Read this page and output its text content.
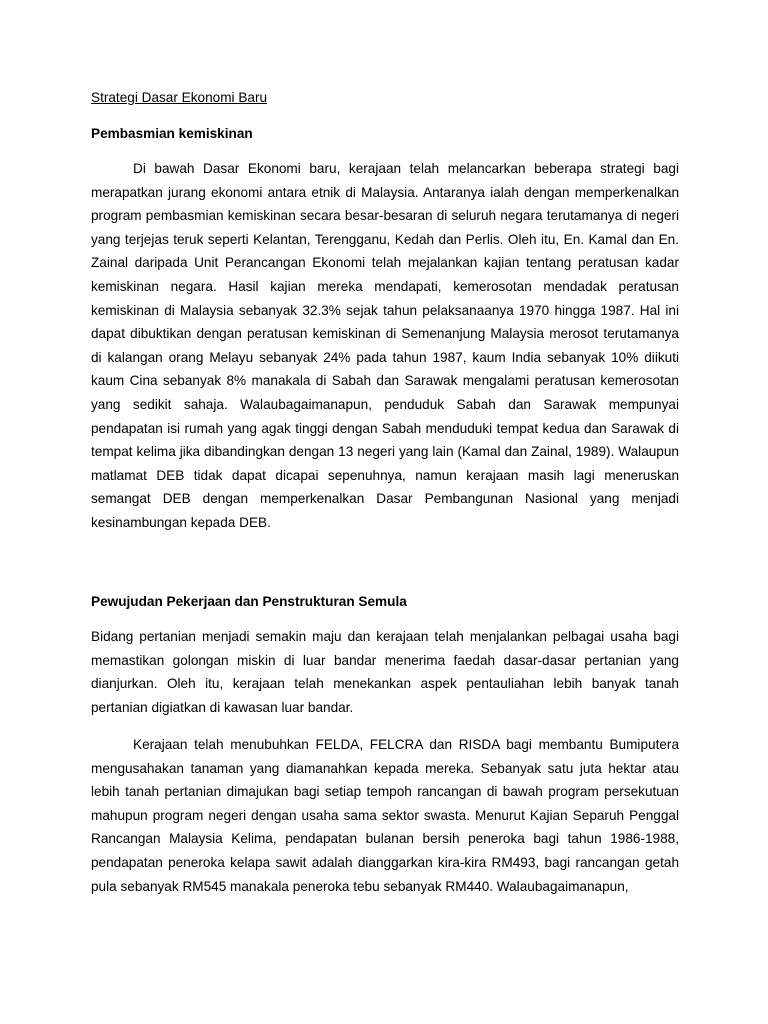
Strategi Dasar Ekonomi Baru
Pembasmian kemiskinan

Di bawah Dasar Ekonomi baru, kerajaan telah melancarkan beberapa strategi bagi merapatkan jurang ekonomi antara etnik di Malaysia. Antaranya ialah dengan memperkenalkan program pembasmian kemiskinan secara besar-besaran di seluruh negara terutamanya di negeri yang terjejas teruk seperti Kelantan, Terengganu, Kedah dan Perlis. Oleh itu, En. Kamal dan En. Zainal daripada Unit Perancangan Ekonomi telah mejalankan kajian tentang peratusan kadar kemiskinan negara. Hasil kajian mereka mendapati, kemerosotan mendadak peratusan kemiskinan di Malaysia sebanyak 32.3% sejak tahun pelaksanaanya 1970 hingga 1987. Hal ini dapat dibuktikan dengan peratusan kemiskinan di Semenanjung Malaysia merosot terutamanya di kalangan orang Melayu sebanyak 24% pada tahun 1987, kaum India sebanyak 10% diikuti kaum Cina sebanyak 8% manakala di Sabah dan Sarawak mengalami peratusan kemerosotan yang sedikit sahaja. Walaubagaimanapun, penduduk Sabah dan Sarawak mempunyai pendapatan isi rumah yang agak tinggi dengan Sabah menduduki tempat kedua dan Sarawak di tempat kelima jika dibandingkan dengan 13 negeri yang lain (Kamal dan Zainal, 1989). Walaupun matlamat DEB tidak dapat dicapai sepenuhnya, namun kerajaan masih lagi meneruskan semangat DEB dengan memperkenalkan Dasar Pembangunan Nasional yang menjadi kesinambungan kepada DEB.

Pewujudan Pekerjaan dan Penstrukturan Semula

Bidang pertanian menjadi semakin maju dan kerajaan telah menjalankan pelbagai usaha bagi memastikan golongan miskin di luar bandar menerima faedah dasar-dasar pertanian yang dianjurkan. Oleh itu, kerajaan telah menekankan aspek pentauliahan lebih banyak tanah pertanian digiatkan di kawasan luar bandar.

Kerajaan telah menubuhkan FELDA, FELCRA dan RISDA bagi membantu Bumiputera mengusahakan tanaman yang diamanahkan kepada mereka. Sebanyak satu juta hektar atau lebih tanah pertanian dimajukan bagi setiap tempoh rancangan di bawah program persekutuan mahupun program negeri dengan usaha sama sektor swasta. Menurut Kajian Separuh Penggal Rancangan Malaysia Kelima, pendapatan bulanan bersih peneroka bagi tahun 1986-1988, pendapatan peneroka kelapa sawit adalah dianggarkan kira-kira RM493, bagi rancangan getah pula sebanyak RM545 manakala peneroka tebu sebanyak RM440. Walaubagaimanapun,
